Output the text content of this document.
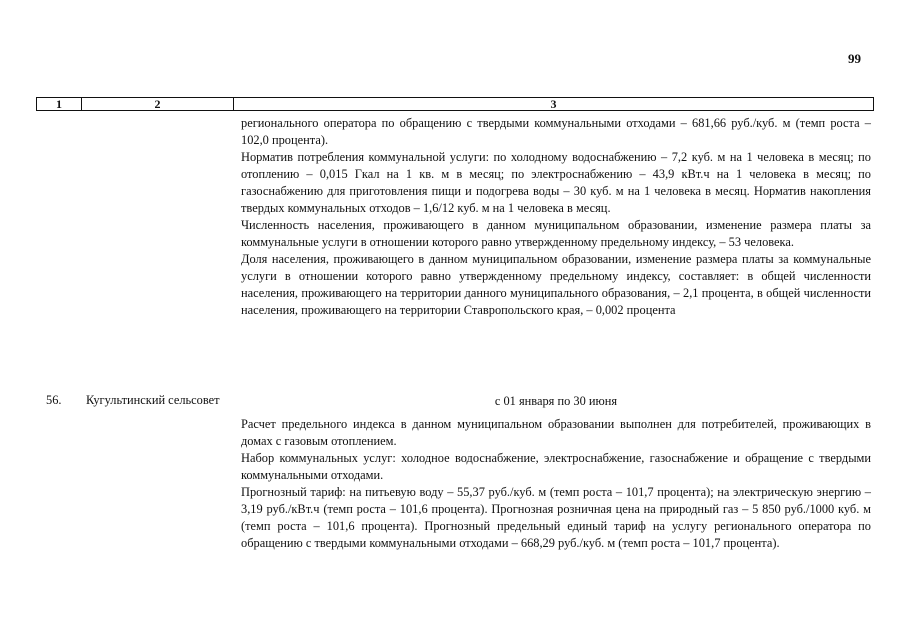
99
1	2	3

регионального оператора по обращению с твердыми коммунальными отходами – 681,66 руб./куб. м (темп роста – 102,0 процента).

Норматив потребления коммунальной услуги: по холодному водоснабжению – 7,2 куб. м на 1 человека в месяц; по отоплению – 0,015 Гкал на 1 кв. м в месяц; по электроснабжению – 43,9 кВт.ч на 1 человека в месяц; по газоснабжению для приготовления пищи и подогрева воды – 30 куб. м на 1 человека в месяц. Норматив накопления твердых коммунальных отходов – 1,6/12 куб. м на 1 человека в месяц.

Численность населения, проживающего в данном муниципальном образовании, изменение размера платы за коммунальные услуги в отношении которого равно утвержденному предельному индексу, – 53 человека.

Доля населения, проживающего в данном муниципальном образовании, изменение размера платы за коммунальные услуги в отношении которого равно утвержденному предельному индексу, составляет: в общей численности населения, проживающего на территории данного муниципального образования, – 2,1 процента, в общей численности населения, проживающего на территории Ставропольского края, – 0,002 процента

56. Кугультинский сельсовет	с 01 января по 30 июня

Расчет предельного индекса в данном муниципальном образовании выполнен для потребителей, проживающих в домах с газовым отоплением.

Набор коммунальных услуг: холодное водоснабжение, электроснабжение, газоснабжение и обращение с твердыми коммунальными отходами.

Прогнозный тариф: на питьевую воду – 55,37 руб./куб. м (темп роста – 101,7 процента); на электрическую энергию – 3,19 руб./кВт.ч (темп роста – 101,6 процента). Прогнозная розничная цена на природный газ – 5 850 руб./1000 куб. м (темп роста – 101,6 процента). Прогнозный предельный единый тариф на услугу регионального оператора по обращению с твердыми коммунальными отходами – 668,29 руб./куб. м (темп роста – 101,7 процента).
